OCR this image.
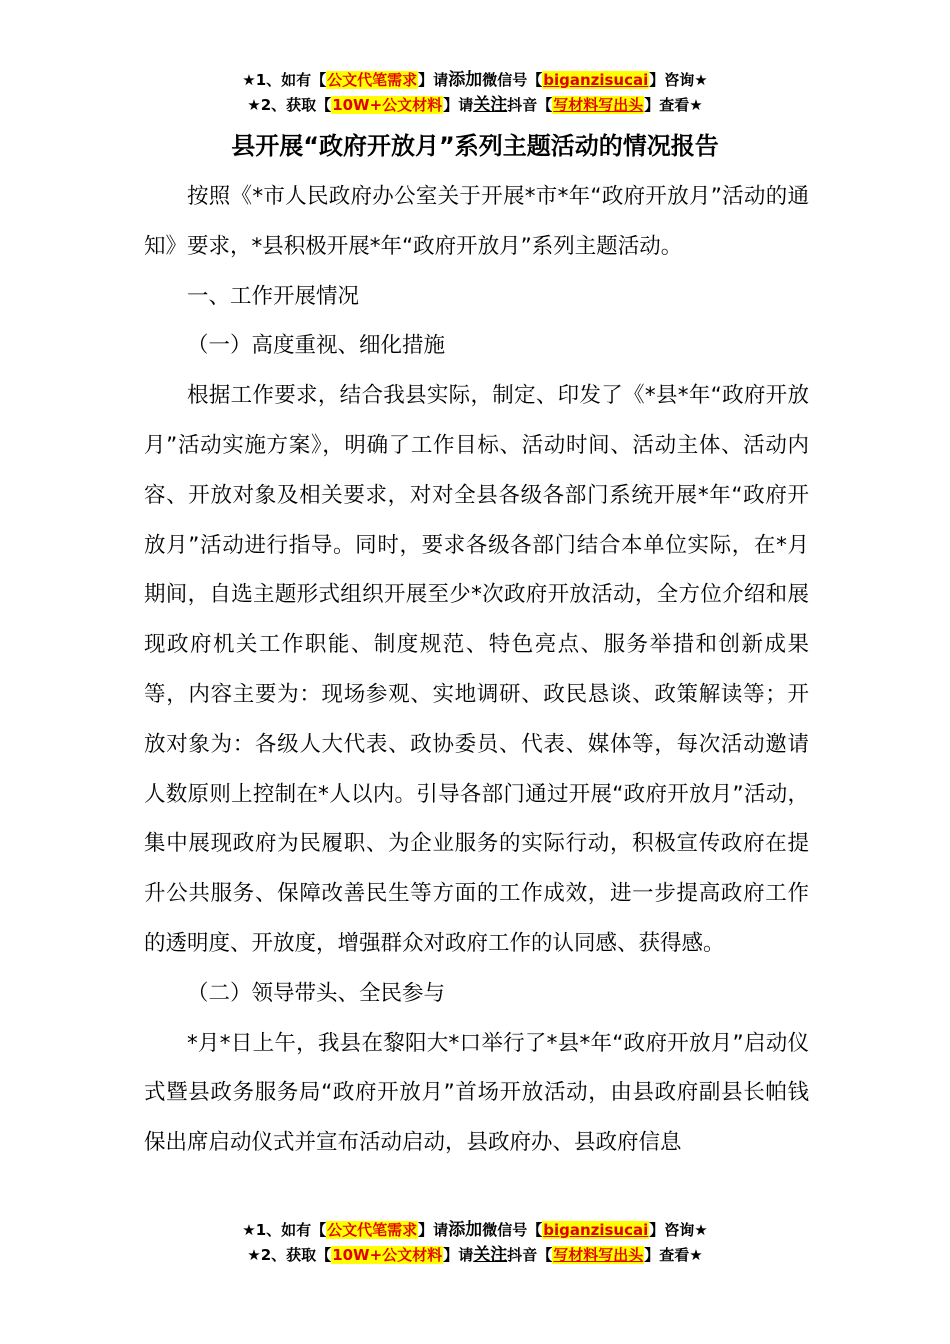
★1、如有【公文代笔需求】请添加微信号【biganzisucai】咨询★
★2、获取【10W+公文材料】请关注抖音【写材料写出头】查看★
县开展“政府开放月”系列主题活动的情况报告

按照《*市人民政府办公室关于开展*市*年“政府开放月”活动的通知》要求，*县积极开展*年“政府开放月”系列主题活动。

一、工作开展情况

（一）高度重视、细化措施

根据工作要求，结合我县实际，制定、印发了《*县*年“政府开放月”活动实施方案》，明确了工作目标、活动时间、活动主体、活动内容、开放对象及相关要求，对对全县各级各部门系统开展*年“政府开放月”活动进行指导。同时，要求各级各部门结合本单位实际，在*月期间，自选主题形式组织开展至少*次政府开放活动，全方位介绍和展现政府机关工作职能、制度规范、特色亮点、服务举措和创新成果等，内容主要为：现场参观、实地调研、政民恳谈、政策解读等；开放对象为：各级人大代表、政协委员、代表、媒体等，每次活动邀请人数原则上控制在*人以内。引导各部门通过开展“政府开放月”活动，集中展现政府为民履职、为企业服务的实际行动，积极宣传政府在提升公共服务、保障改善民生等方面的工作成效，进一步提高政府工作的透明度、开放度，增强群众对政府工作的认同感、获得感。

（二）领导带头、全民参与

*月*日上午，我县在黎阳大*口举行了*县*年“政府开放月”启动仪式暨县政务服务局“政府开放月”首场开放活动，由县政府副县长帕钱保出席启动仪式并宣布活动启动，县政府办、县政府信息

★1、如有【公文代笔需求】请添加微信号【biganzisucai】咨询★
★2、获取【10W+公文材料】请关注抖音【写材料写出头】查看★
